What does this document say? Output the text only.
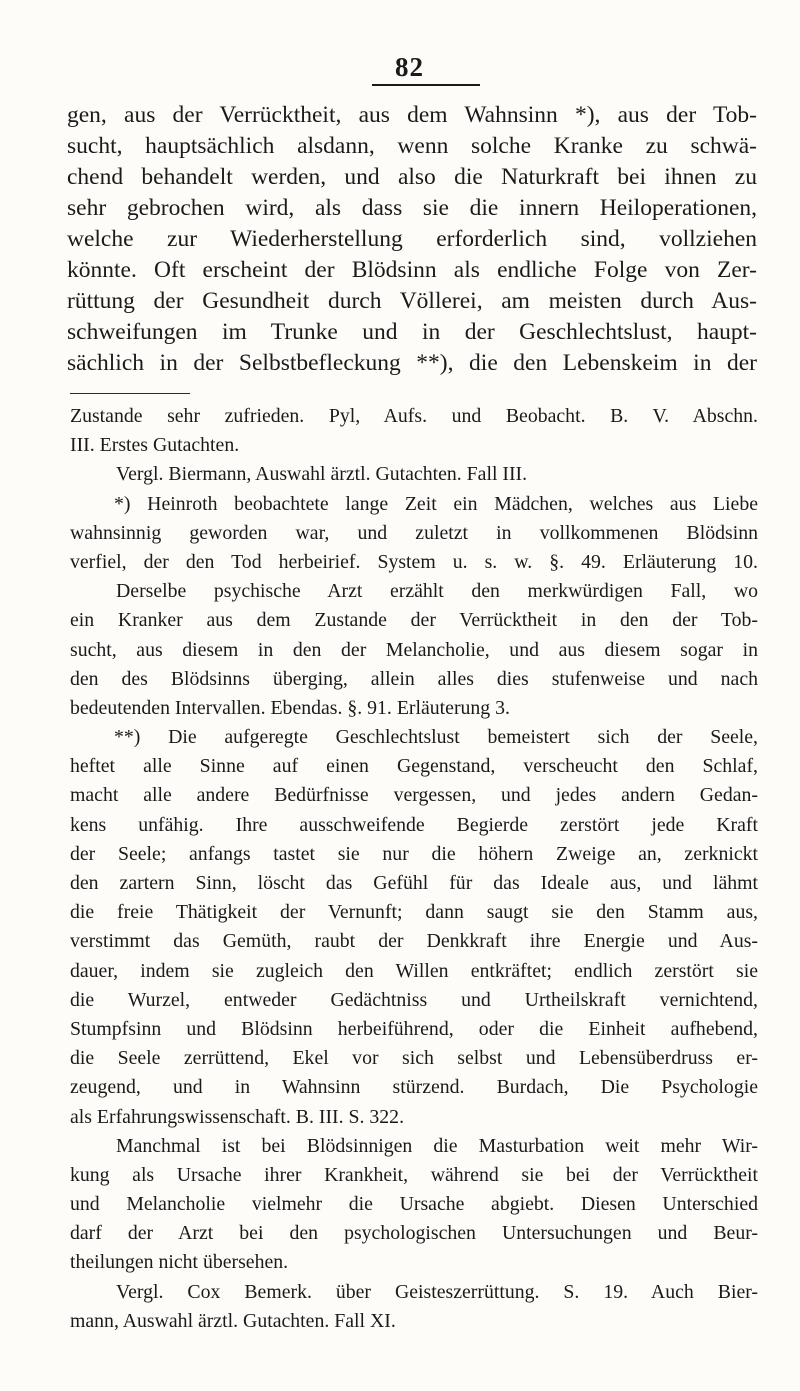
82
gen, aus der Verrücktheit, aus dem Wahnsinn *), aus der Tob-
sucht, hauptsächlich alsdann, wenn solche Kranke zu schwä-
chend behandelt werden, und also die Naturkraft bei ihnen zu
sehr gebrochen wird, als dass sie die innern Heiloperationen,
welche zur Wiederherstellung erforderlich sind, vollziehen
könnte. Oft erscheint der Blödsinn als endliche Folge von Zer-
rüttung der Gesundheit durch Völlerei, am meisten durch Aus-
schweifungen im Trunke und in der Geschlechtslust, haupt-
sächlich in der Selbstbefleckung **), die den Lebenskeim in der
Zustande sehr zufrieden. Pyl, Aufs. und Beobacht. B. V. Abschn.
III. Erstes Gutachten.
Vergl. Biermann, Auswahl ärztl. Gutachten. Fall III.
*) Heinroth beobachtete lange Zeit ein Mädchen, welches aus Liebe
wahnsinnig geworden war, und zuletzt in vollkommenen Blödsinn
verfiel, der den Tod herbeirief. System u. s. w. §. 49. Erläuterung 10.
Derselbe psychische Arzt erzählt den merkwürdigen Fall, wo
ein Kranker aus dem Zustande der Verrücktheit in den der Tob-
sucht, aus diesem in den der Melancholie, und aus diesem sogar in
den des Blödsinns überging, allein alles dies stufenweise und nach
bedeutenden Intervallen. Ebendas. §. 91. Erläuterung 3.
**) Die aufgeregte Geschlechtslust bemeistert sich der Seele,
heftet alle Sinne auf einen Gegenstand, verscheucht den Schlaf,
macht alle andere Bedürfnisse vergessen, und jedes andern Gedan-
kens unfähig. Ihre ausschweifende Begierde zerstört jede Kraft
der Seele; anfangs tastet sie nur die höhern Zweige an, zerknickt
den zartern Sinn, löscht das Gefühl für das Ideale aus, und lähmt
die freie Thätigkeit der Vernunft; dann saugt sie den Stamm aus,
verstimmt das Gemüth, raubt der Denkkraft ihre Energie und Aus-
dauer, indem sie zugleich den Willen entkräftet; endlich zerstört sie
die Wurzel, entweder Gedächtniss und Urtheilskraft vernichtend,
Stumpfsinn und Blödsinn herbeiführend, oder die Einheit aufhebend,
die Seele zerrüttend, Ekel vor sich selbst und Lebensüberdruss er-
zeugend, und in Wahnsinn stürzend. Burdach, Die Psychologie
als Erfahrungswissenschaft. B. III. S. 322.
Manchmal ist bei Blödsinnigen die Masturbation weit mehr Wir-
kung als Ursache ihrer Krankheit, während sie bei der Verrücktheit
und Melancholie vielmehr die Ursache abgiebt. Diesen Unterschied
darf der Arzt bei den psychologischen Untersuchungen und Beur-
theilungen nicht übersehen.
Vergl. Cox Bemerk. über Geisteszerrüttung. S. 19. Auch Bier-
mann, Auswahl ärztl. Gutachten. Fall XI.
